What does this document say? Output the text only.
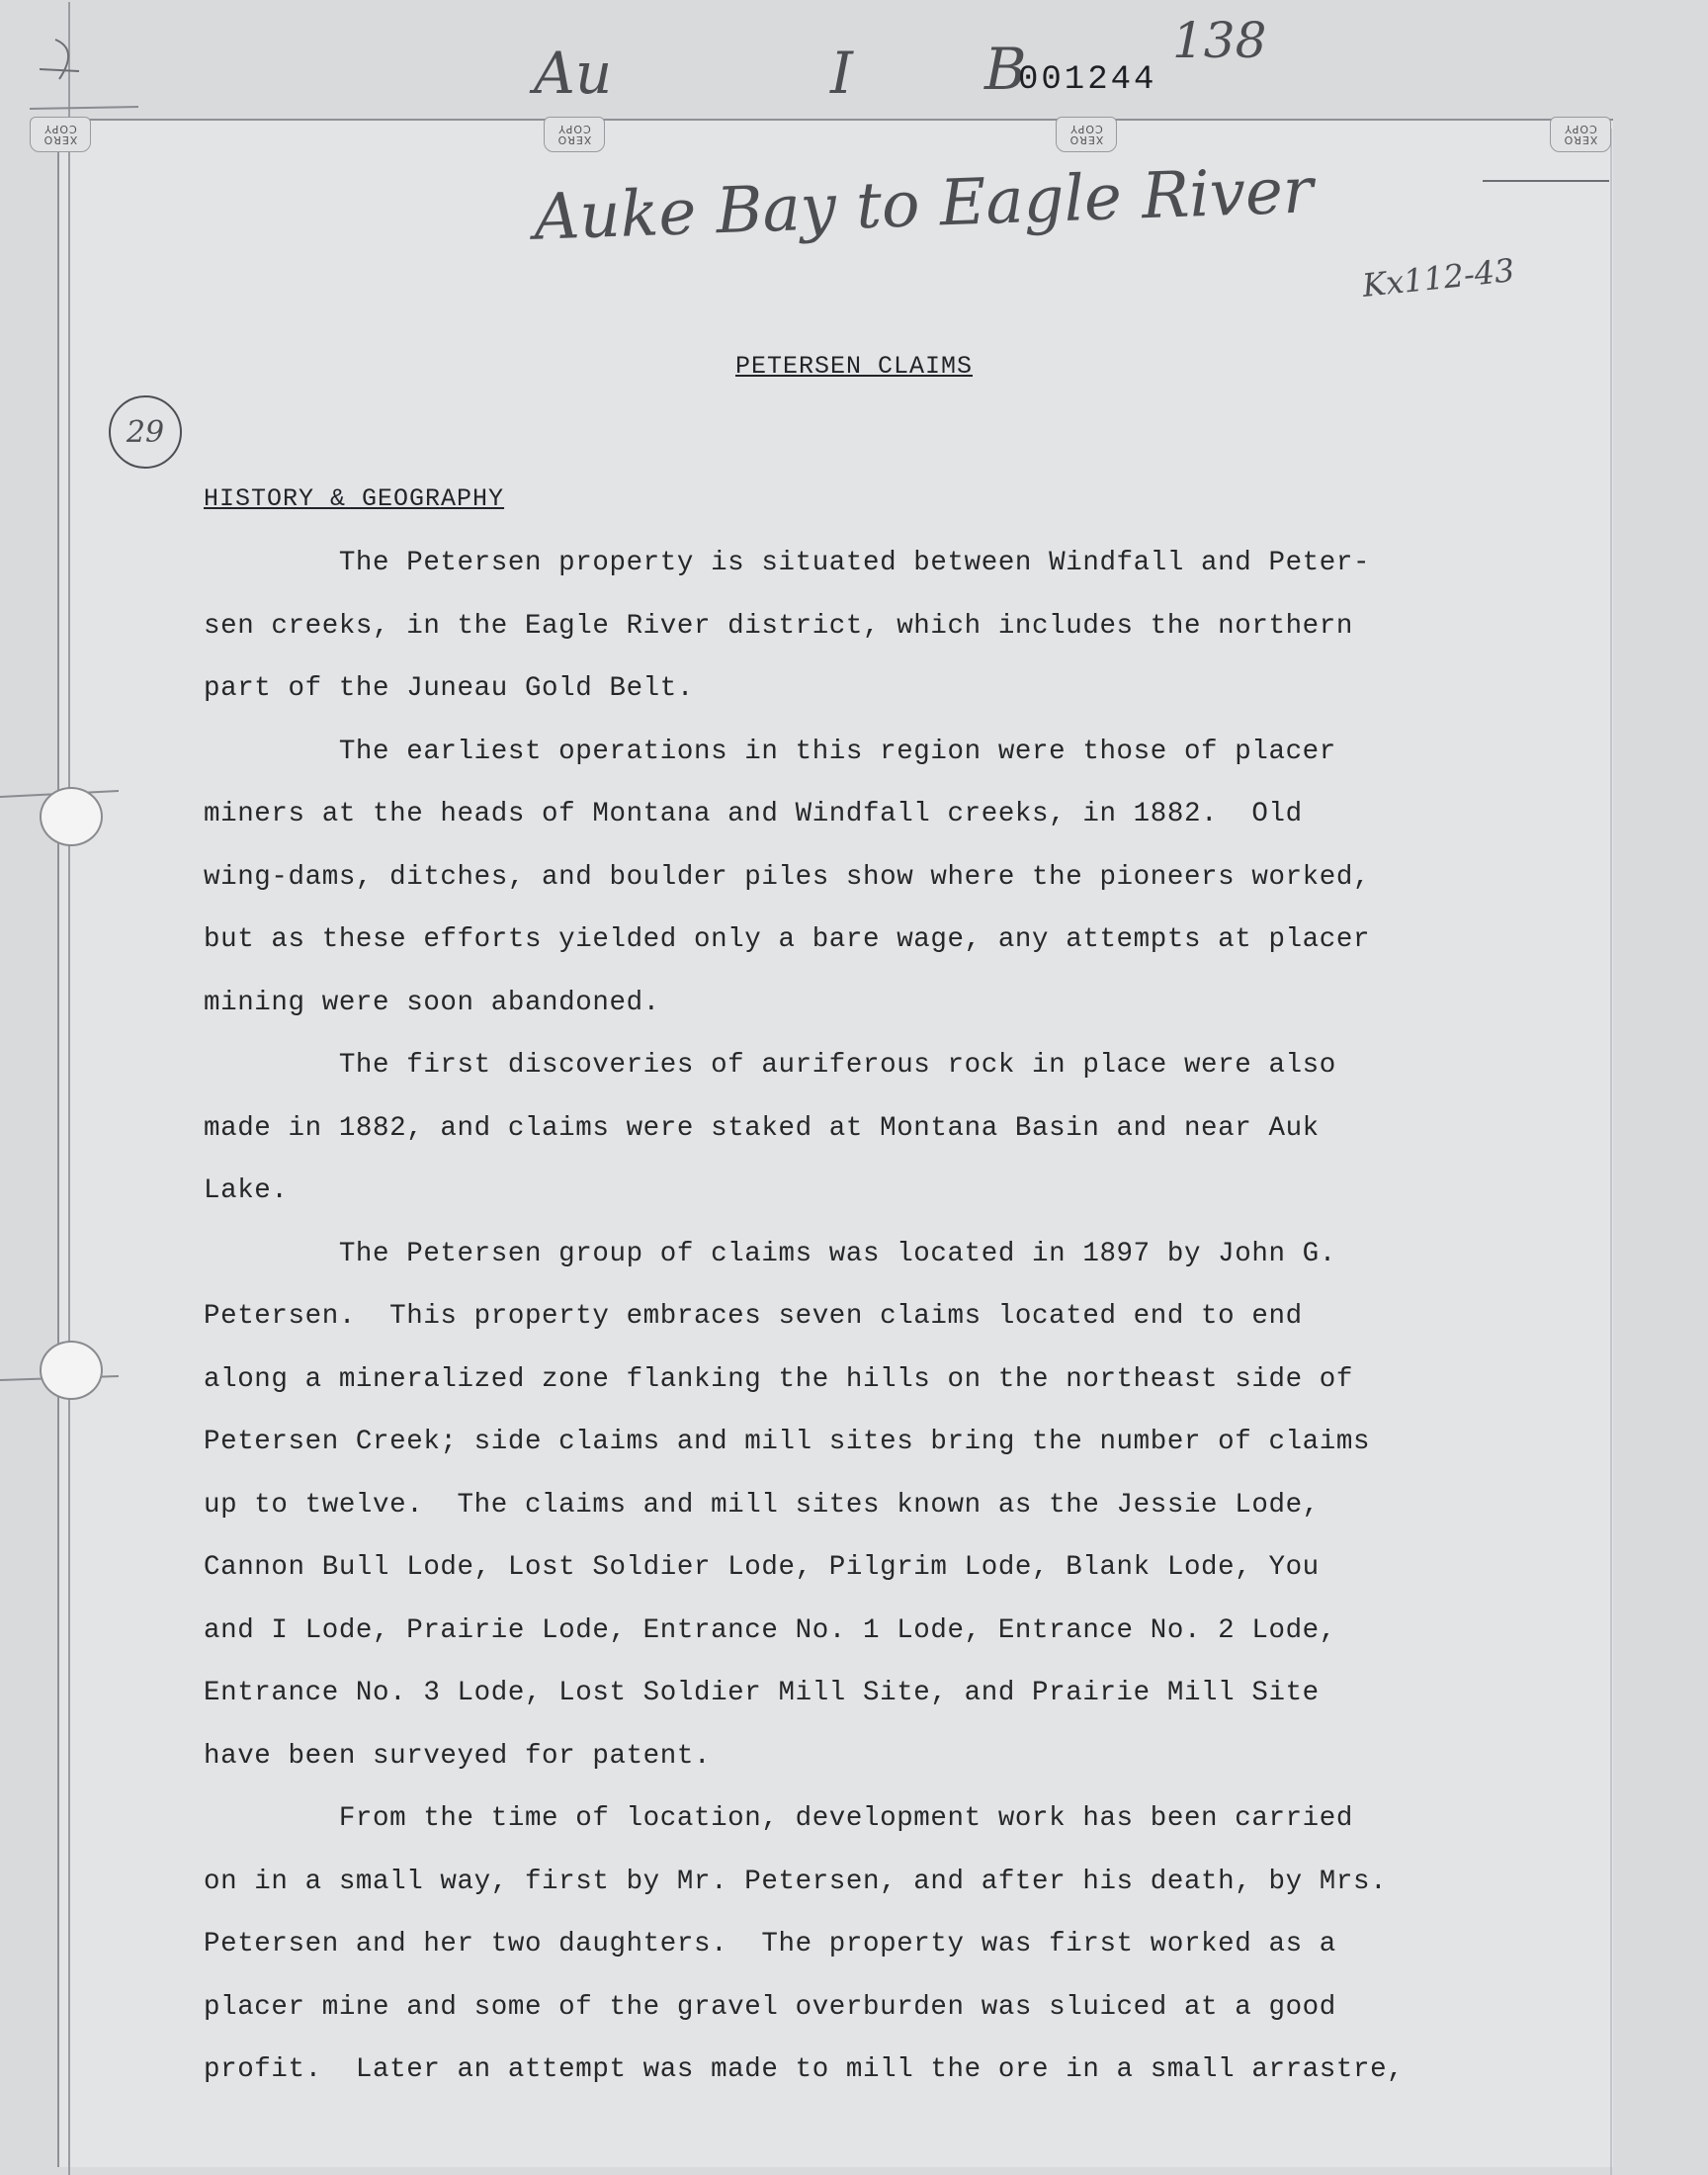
XERO
COPY
XERO
COPY
XERO
COPY
XERO
COPY
Au	I B	138
001244
Auke Bay to Eagle River
Kx112-43
29
PETERSEN CLAIMS
HISTORY & GEOGRAPHY
The Petersen property is situated between Windfall and Peter-
sen creeks, in the Eagle River district, which includes the northern
part of the Juneau Gold Belt.
The earliest operations in this region were those of placer
miners at the heads of Montana and Windfall creeks, in 1882.  Old
wing-dams, ditches, and boulder piles show where the pioneers worked,
but as these efforts yielded only a bare wage, any attempts at placer
mining were soon abandoned.
The first discoveries of auriferous rock in place were also
made in 1882, and claims were staked at Montana Basin and near Auk
Lake.
The Petersen group of claims was located in 1897 by John G.
Petersen.  This property embraces seven claims located end to end
along a mineralized zone flanking the hills on the northeast side of
Petersen Creek; side claims and mill sites bring the number of claims
up to twelve.  The claims and mill sites known as the Jessie Lode,
Cannon Bull Lode, Lost Soldier Lode, Pilgrim Lode, Blank Lode, You
and I Lode, Prairie Lode, Entrance No. 1 Lode, Entrance No. 2 Lode,
Entrance No. 3 Lode, Lost Soldier Mill Site, and Prairie Mill Site
have been surveyed for patent.
From the time of location, development work has been carried
on in a small way, first by Mr. Petersen, and after his death, by Mrs.
Petersen and her two daughters.  The property was first worked as a
placer mine and some of the gravel overburden was sluiced at a good
profit.  Later an attempt was made to mill the ore in a small arrastre,
